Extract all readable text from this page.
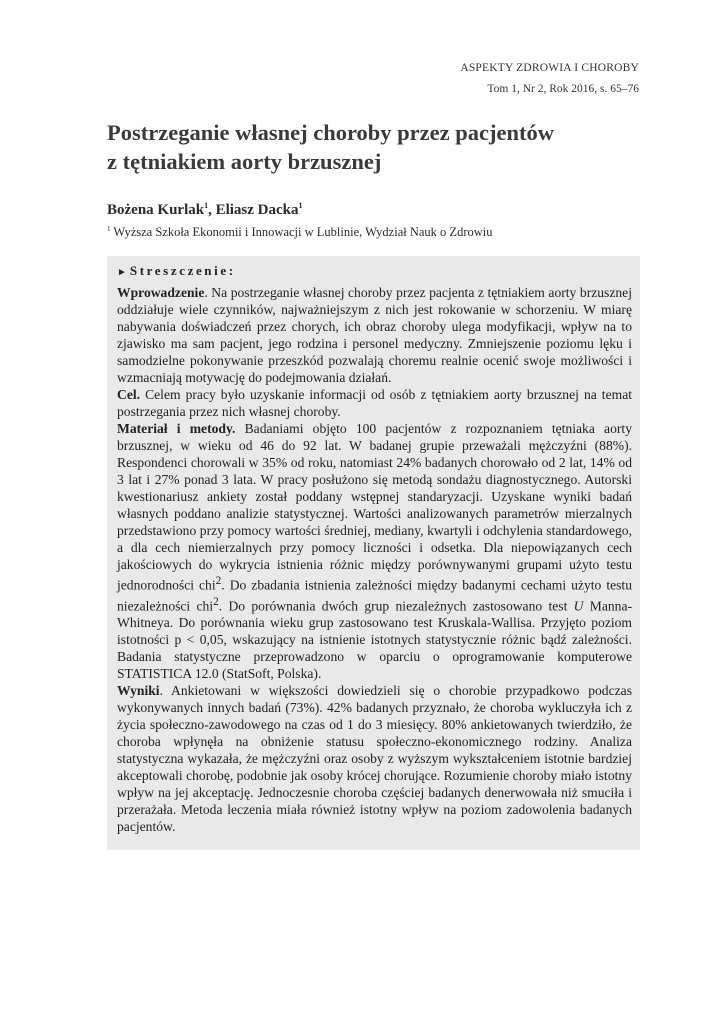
ASPEKTY ZDROWIA I CHOROBY
Tom 1, Nr 2, Rok 2016, s. 65–76
Postrzeganie własnej choroby przez pacjentów
z tętniakiem aorty brzusznej
Bożena Kurlak$^1$, Eliasz Dacka$^1$
$^1$ Wyższa Szkoła Ekonomii i Innowacji w Lublinie, Wydział Nauk o Zdrowiu
► Streszczenie:
Wprowadzenie. Na postrzeganie własnej choroby przez pacjenta z tętniakiem aorty brzusznej oddziałuje wiele czynników, najważniejszym z nich jest rokowanie w schorzeniu. W miarę nabywania doświadczeń przez chorych, ich obraz choroby ulega modyfikacji, wpływ na to zjawisko ma sam pacjent, jego rodzina i personel medyczny. Zmniejszenie poziomu lęku i samodzielne pokonywanie przeszkód pozwalają choremu realnie ocenić swoje możliwości i wzmacniają motywację do podejmowania działań.
Cel. Celem pracy było uzyskanie informacji od osób z tętniakiem aorty brzusznej na temat postrzegania przez nich własnej choroby.
Materiał i metody. Badaniami objęto 100 pacjentów z rozpoznaniem tętniaka aorty brzusznej, w wieku od 46 do 92 lat. W badanej grupie przeważali mężczyźni (88%). Respondenci chorowali w 35% od roku, natomiast 24% badanych chorowało od 2 lat, 14% od 3 lat i 27% ponad 3 lata. W pracy posłużono się metodą sondażu diagnostycznego. Autorski kwestionariusz ankiety został poddany wstępnej standaryzacji. Uzyskane wyniki badań własnych poddano analizie statystycznej. Wartości analizowanych parametrów mierzalnych przedstawiono przy pomocy wartości średniej, mediany, kwartyli i odchylenia standardowego, a dla cech niemierzalnych przy pomocy liczności i odsetka. Dla niepowiązanych cech jakościowych do wykrycia istnienia różnic między porównywanymi grupami użyto testu jednorodności chi$^2$. Do zbadania istnienia zależności między badanymi cechami użyto testu niezależności chi$^2$. Do porównania dwóch grup niezależnych zastosowano test U Manna-Whitneya. Do porównania wieku grup zastosowano test Kruskala-Wallisa. Przyjęto poziom istotności p < 0,05, wskazujący na istnienie istotnych statystycznie różnic bądź zależności. Badania statystyczne przeprowadzono w oparciu o oprogramowanie komputerowe STATISTICA 12.0 (StatSoft, Polska).
Wyniki. Ankietowani w większości dowiedzieli się o chorobie przypadkowo podczas wykonywanych innych badań (73%). 42% badanych przyznało, że choroba wykluczyła ich z życia społeczno-zawodowego na czas od 1 do 3 miesięcy. 80% ankietowanych twierdziło, że choroba wpłynęła na obniżenie statusu społeczno-ekonomicznego rodziny. Analiza statystyczna wykazała, że mężczyźni oraz osoby z wyższym wykształceniem istotnie bardziej akceptowali chorobę, podobnie jak osoby krócej chorujące. Rozumienie choroby miało istotny wpływ na jej akceptację. Jednoczesnie choroba częściej badanych denerwowała niż smuciła i przerażała. Metoda leczenia miała również istotny wpływ na poziom zadowolenia badanych pacjentów.
